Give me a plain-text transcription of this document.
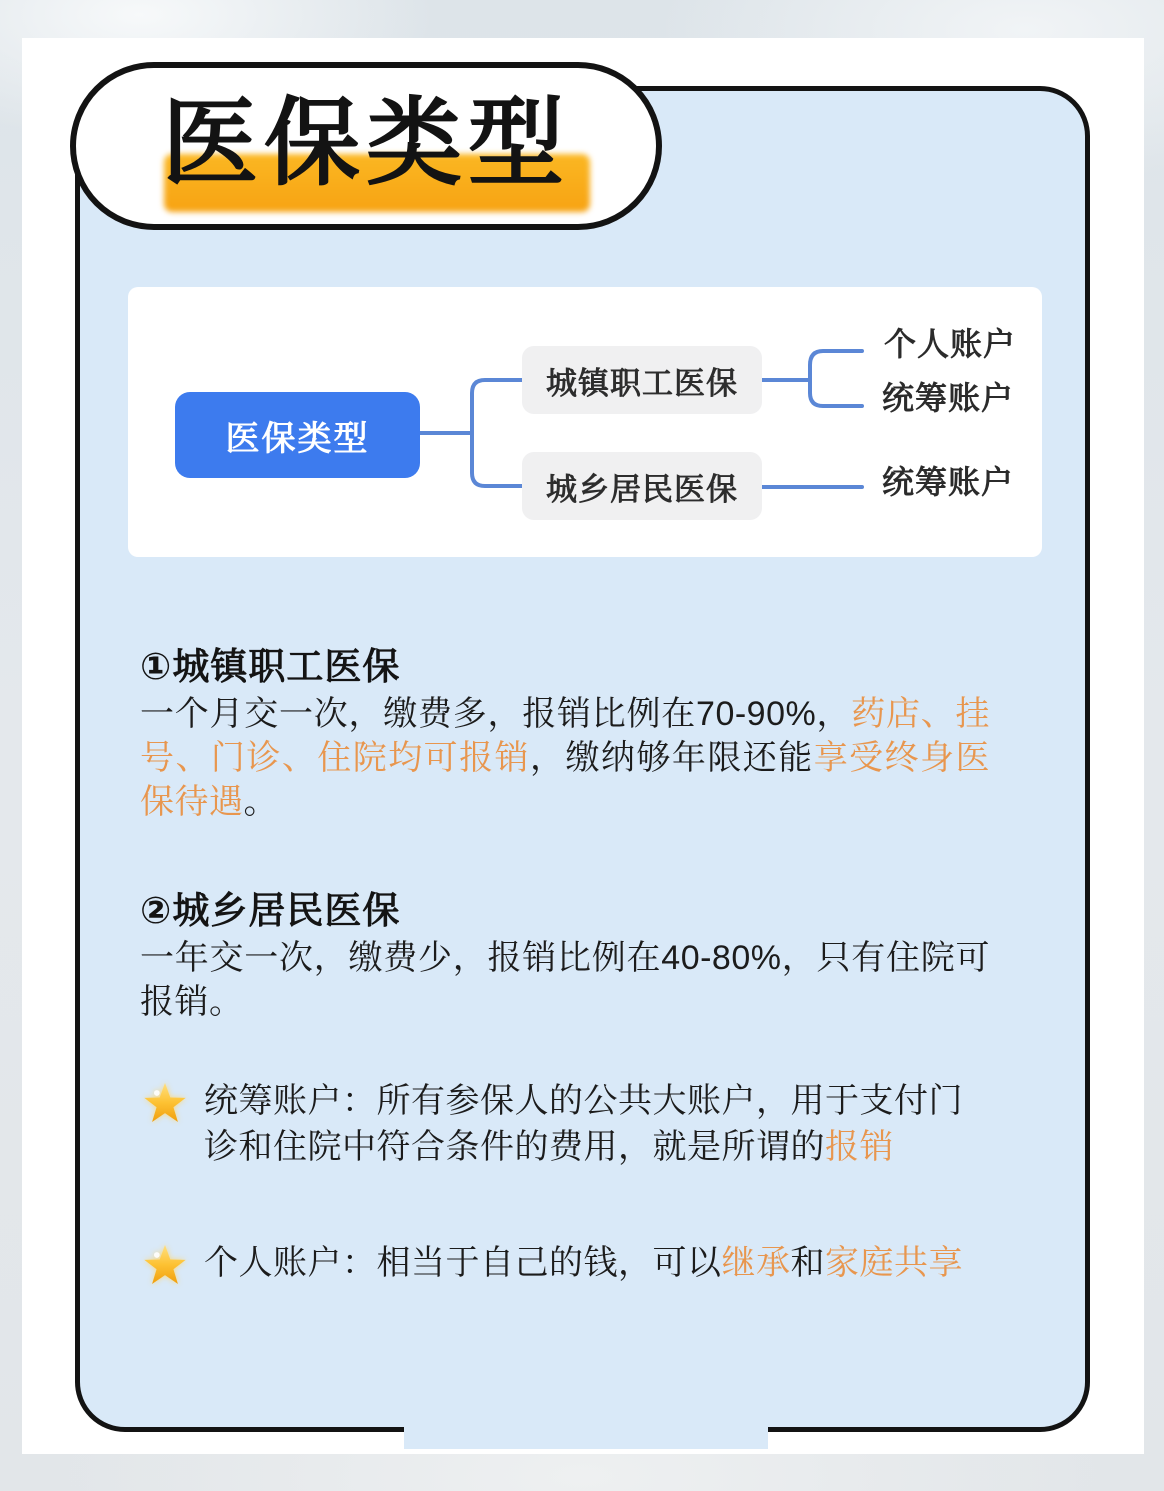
医保类型
医保类型
城镇职工医保
城乡居民医保
个人账户
统筹账户
统筹账户
①城镇职工医保

一个月交一次，缴费多，报销比例在70-90%，药店、挂号、门诊、住院均可报销，缴纳够年限还能享受终身医保待遇。

②城乡居民医保

一年交一次，缴费少，报销比例在40-80%，只有住院可报销。

统筹账户：所有参保人的公共大账户，用于支付门诊和住院中符合条件的费用，就是所谓的报销
个人账户：相当于自己的钱，可以继承和家庭共享
